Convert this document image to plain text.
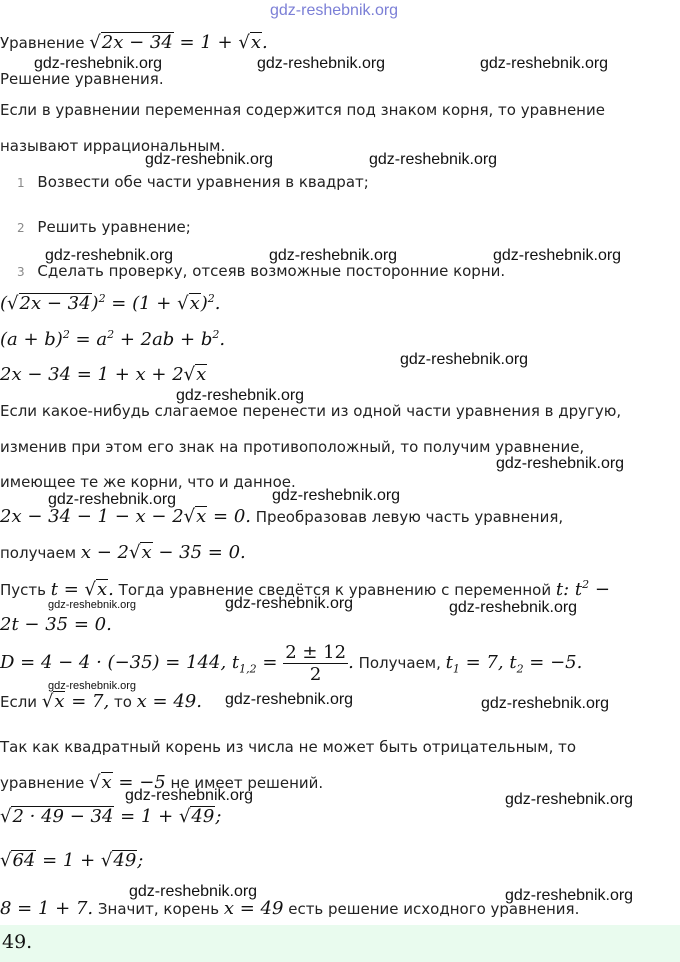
gdz-reshebnik.org
gdz-reshebnik.org	gdz-reshebnik.org	gdz-reshebnik.org
gdz-reshebnik.org	gdz-reshebnik.org
gdz-reshebnik.org	gdz-reshebnik.org	gdz-reshebnik.org
gdz-reshebnik.org
gdz-reshebnik.org
gdz-reshebnik.org
gdz-reshebnik.org	gdz-reshebnik.org
gdz-reshebnik.org	gdz-reshebnik.org	gdz-reshebnik.org
gdz-reshebnik.org
gdz-reshebnik.org	gdz-reshebnik.org
gdz-reshebnik.org	gdz-reshebnik.org
gdz-reshebnik.org	gdz-reshebnik.org
Уравнение √2x − 34 = 1 + √x.
Решение уравнения.
Если в уравнении переменная содержится под знаком корня, то уравнение
называют иррациональным.
1 Возвести обе части уравнения в квадрат;
2 Решить уравнение;
3 Сделать проверку, отсеяв возможные посторонние корни.
$(√2x - 34)^2 = (1 + √x)^2$.
$(a + b)^2 = a^2 + 2ab + b^2$.
2x − 34 = 1 + x + 2√x
Если какое-нибудь слагаемое перенести из одной части уравнения в другую,
изменив при этом его знак на противоположный, то получим уравнение,
имеющее те же корни, что и данное.
2x − 34 − 1 − x − 2√x = 0. Преобразовав левую часть уравнения,
получаем x − 2√x − 35 = 0.
Пусть t = √x. Тогда уравнение сведётся к уравнению с переменной t: $t^2$ −
2t − 35 = 0.
D = 4 − 4 · (−35) = 144, $t_{1,2} = \frac{2 \pm 12}{2}$ . Получаем, $t_1 = 7$, $t_2 = -5$.
Если √x = 7, то x = 49.
Так как квадратный корень из числа не может быть отрицательным, то
уравнение √x = −5 не имеет решений.
√2 · 49 − 34 = 1 + √49;
√64 = 1 + √49;
8 = 1 + 7. Значит, корень x = 49 есть решение исходного уравнения.
49.
